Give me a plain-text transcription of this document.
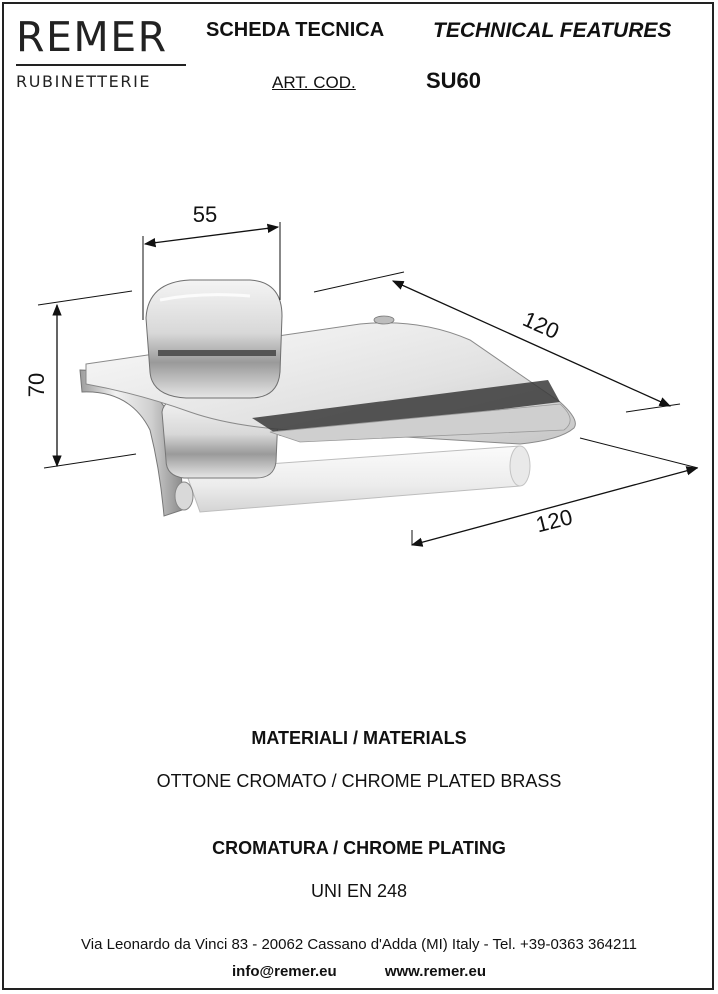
REMER
RUBINETTERIE
SCHEDA TECNICA TECHNICAL FEATURES
ART. COD.	SU60
55
70
120
120
MATERIALI / MATERIALS
OTTONE CROMATO / CHROME PLATED BRASS
CROMATURA / CHROME PLATING
UNI EN 248
Via Leonardo da Vinci 83 - 20062 Cassano d'Adda (MI) Italy - Tel. +39-0363 364211
info@remer.eu	www.remer.eu
